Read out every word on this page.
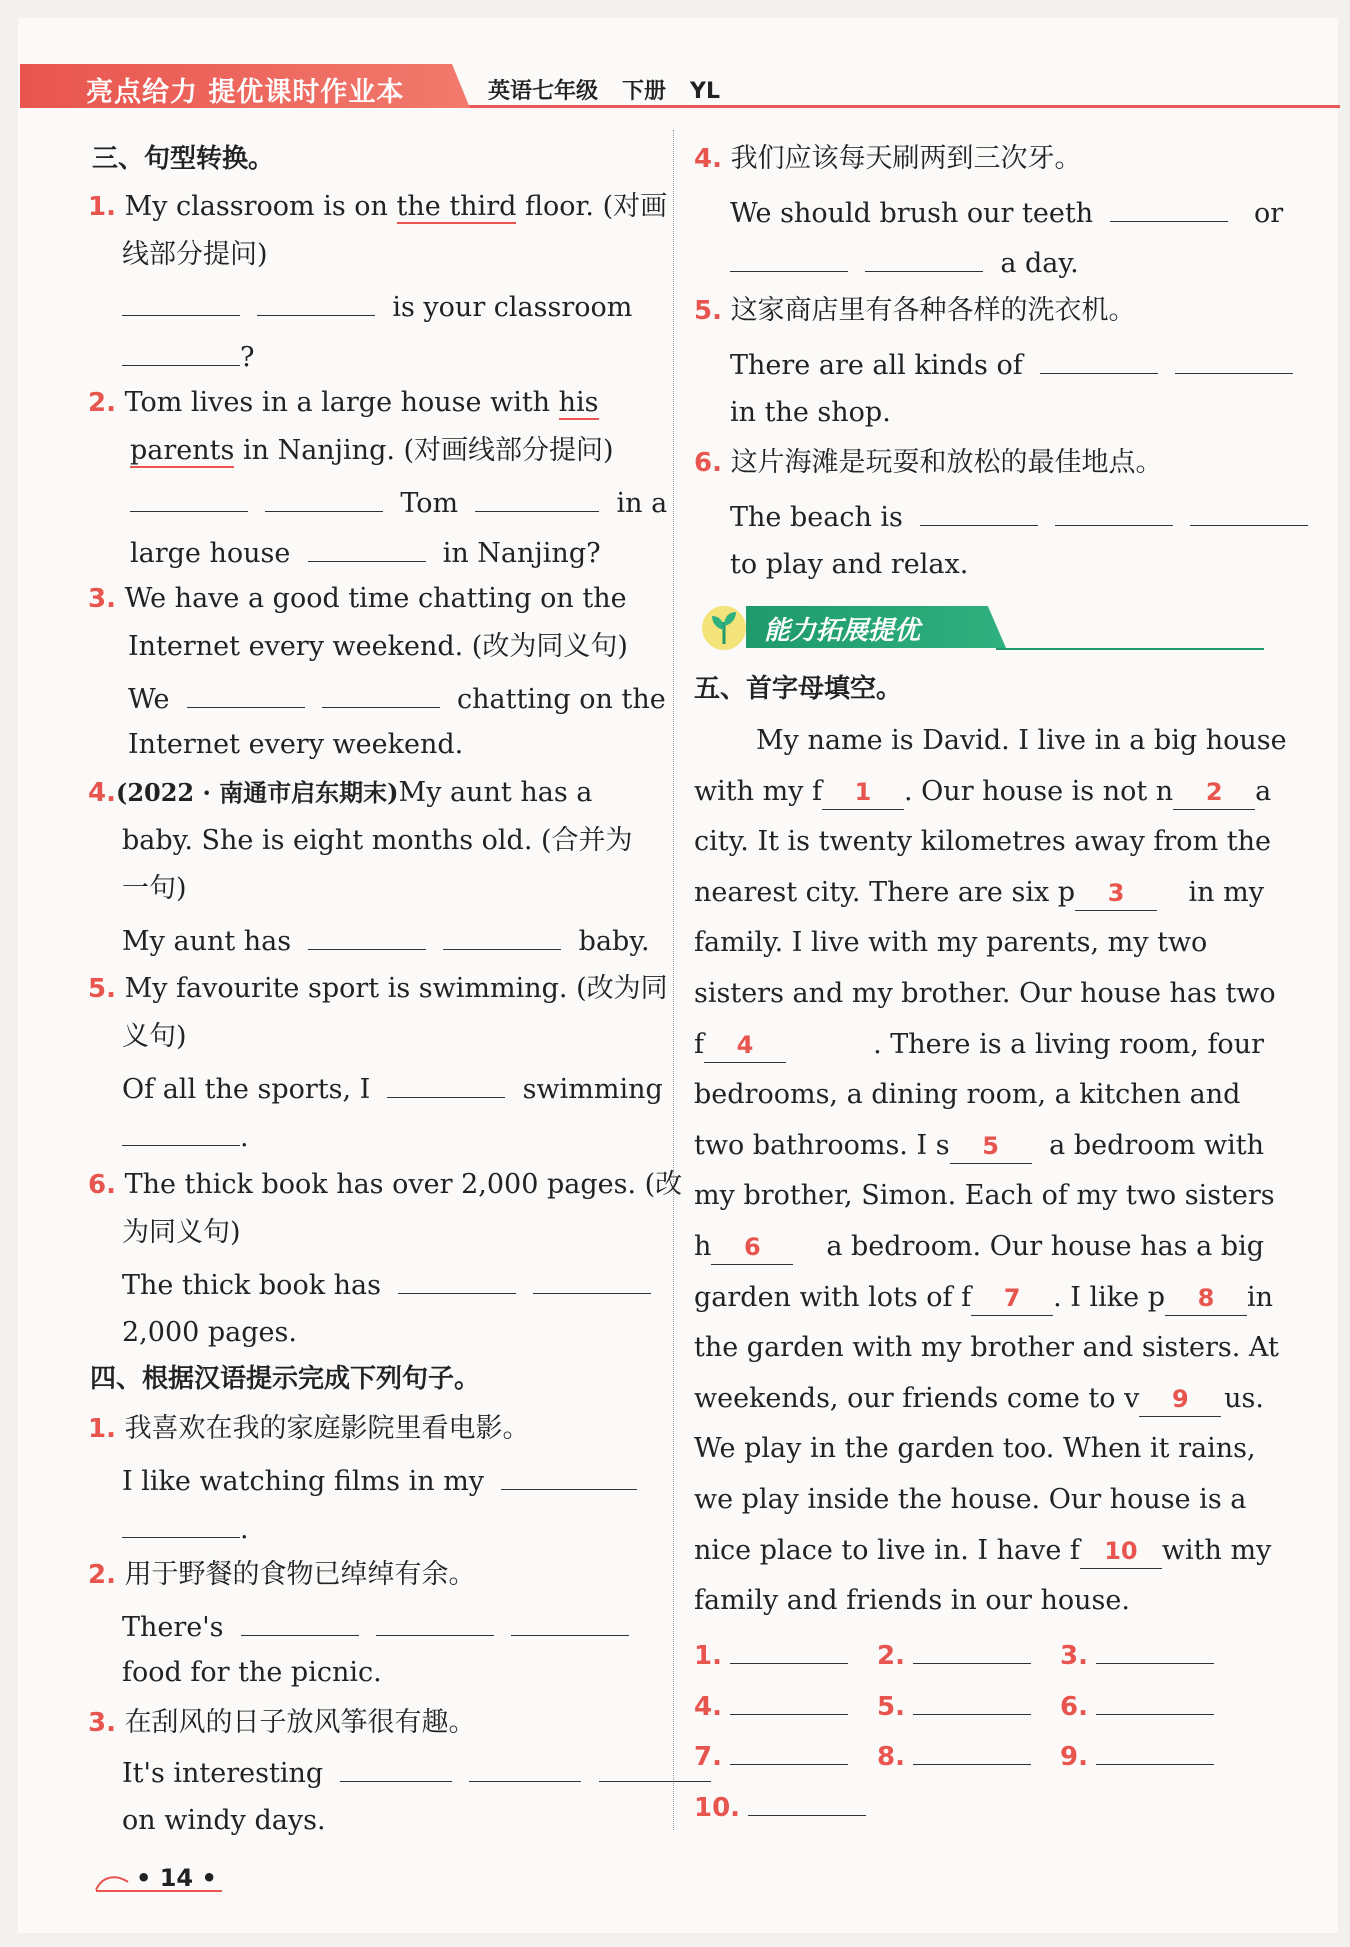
亮点给力 提优课时作业本	英语七年级 下册 YL
三、句型转换。
1. My classroom is on the third floor. (对画
线部分提问)
is your classroom
?
2. Tom lives in a large house with his
parents in Nanjing. (对画线部分提问)
Tom	in a
large house	in Nanjing?
3. We have a good time chatting on the
Internet every weekend. (改为同义句)
We	chatting on the
Internet every weekend.
4.(2022 · 南通市启东期末)My aunt has a
baby. She is eight months old. (合并为
一句)
My aunt has	baby.
5. My favourite sport is swimming. (改为同
义句)
Of all the sports, I	swimming
.
6. The thick book has over 2,000 pages. (改
为同义句)
The thick book has
2,000 pages.
四、根据汉语提示完成下列句子。
1. 我喜欢在我的家庭影院里看电影。
I like watching films in my
.
2. 用于野餐的食物已绰绰有余。
There's
food for the picnic.
3. 在刮风的日子放风筝很有趣。
It's interesting
on windy days.
4. 我们应该每天刷两到三次牙。
We should brush our teeth	or
a day.
5. 这家商店里有各种各样的洗衣机。
There are all kinds of
in the shop.
6. 这片海滩是玩耍和放松的最佳地点。
The beach is
to play and relax.
能力拓展提优
五、首字母填空。
My name is David. I live in a big house
with my f 1 . Our house is not n 2	a
city. It is twenty kilometres away from the
nearest city. There are six p 3	in my
family. I live with my parents, my two
sisters and my brother. Our house has two
f 4	. There is a living room, four
bedrooms, a dining room, a kitchen and
two bathrooms. I s 5	a bedroom with
my brother, Simon. Each of my two sisters
h 6	a bedroom. Our house has a big
garden with lots of f 7 . I like p 8	in
the garden with my brother and sisters. At
weekends, our friends come to v 9	us.
We play in the garden too. When it rains,
we play inside the house. Our house is a
nice place to live in. I have f 10 with my
family and friends in our house.
1.	2.	3.
4.	5.	6.
7.	8.	9.
10.
• 14 •
